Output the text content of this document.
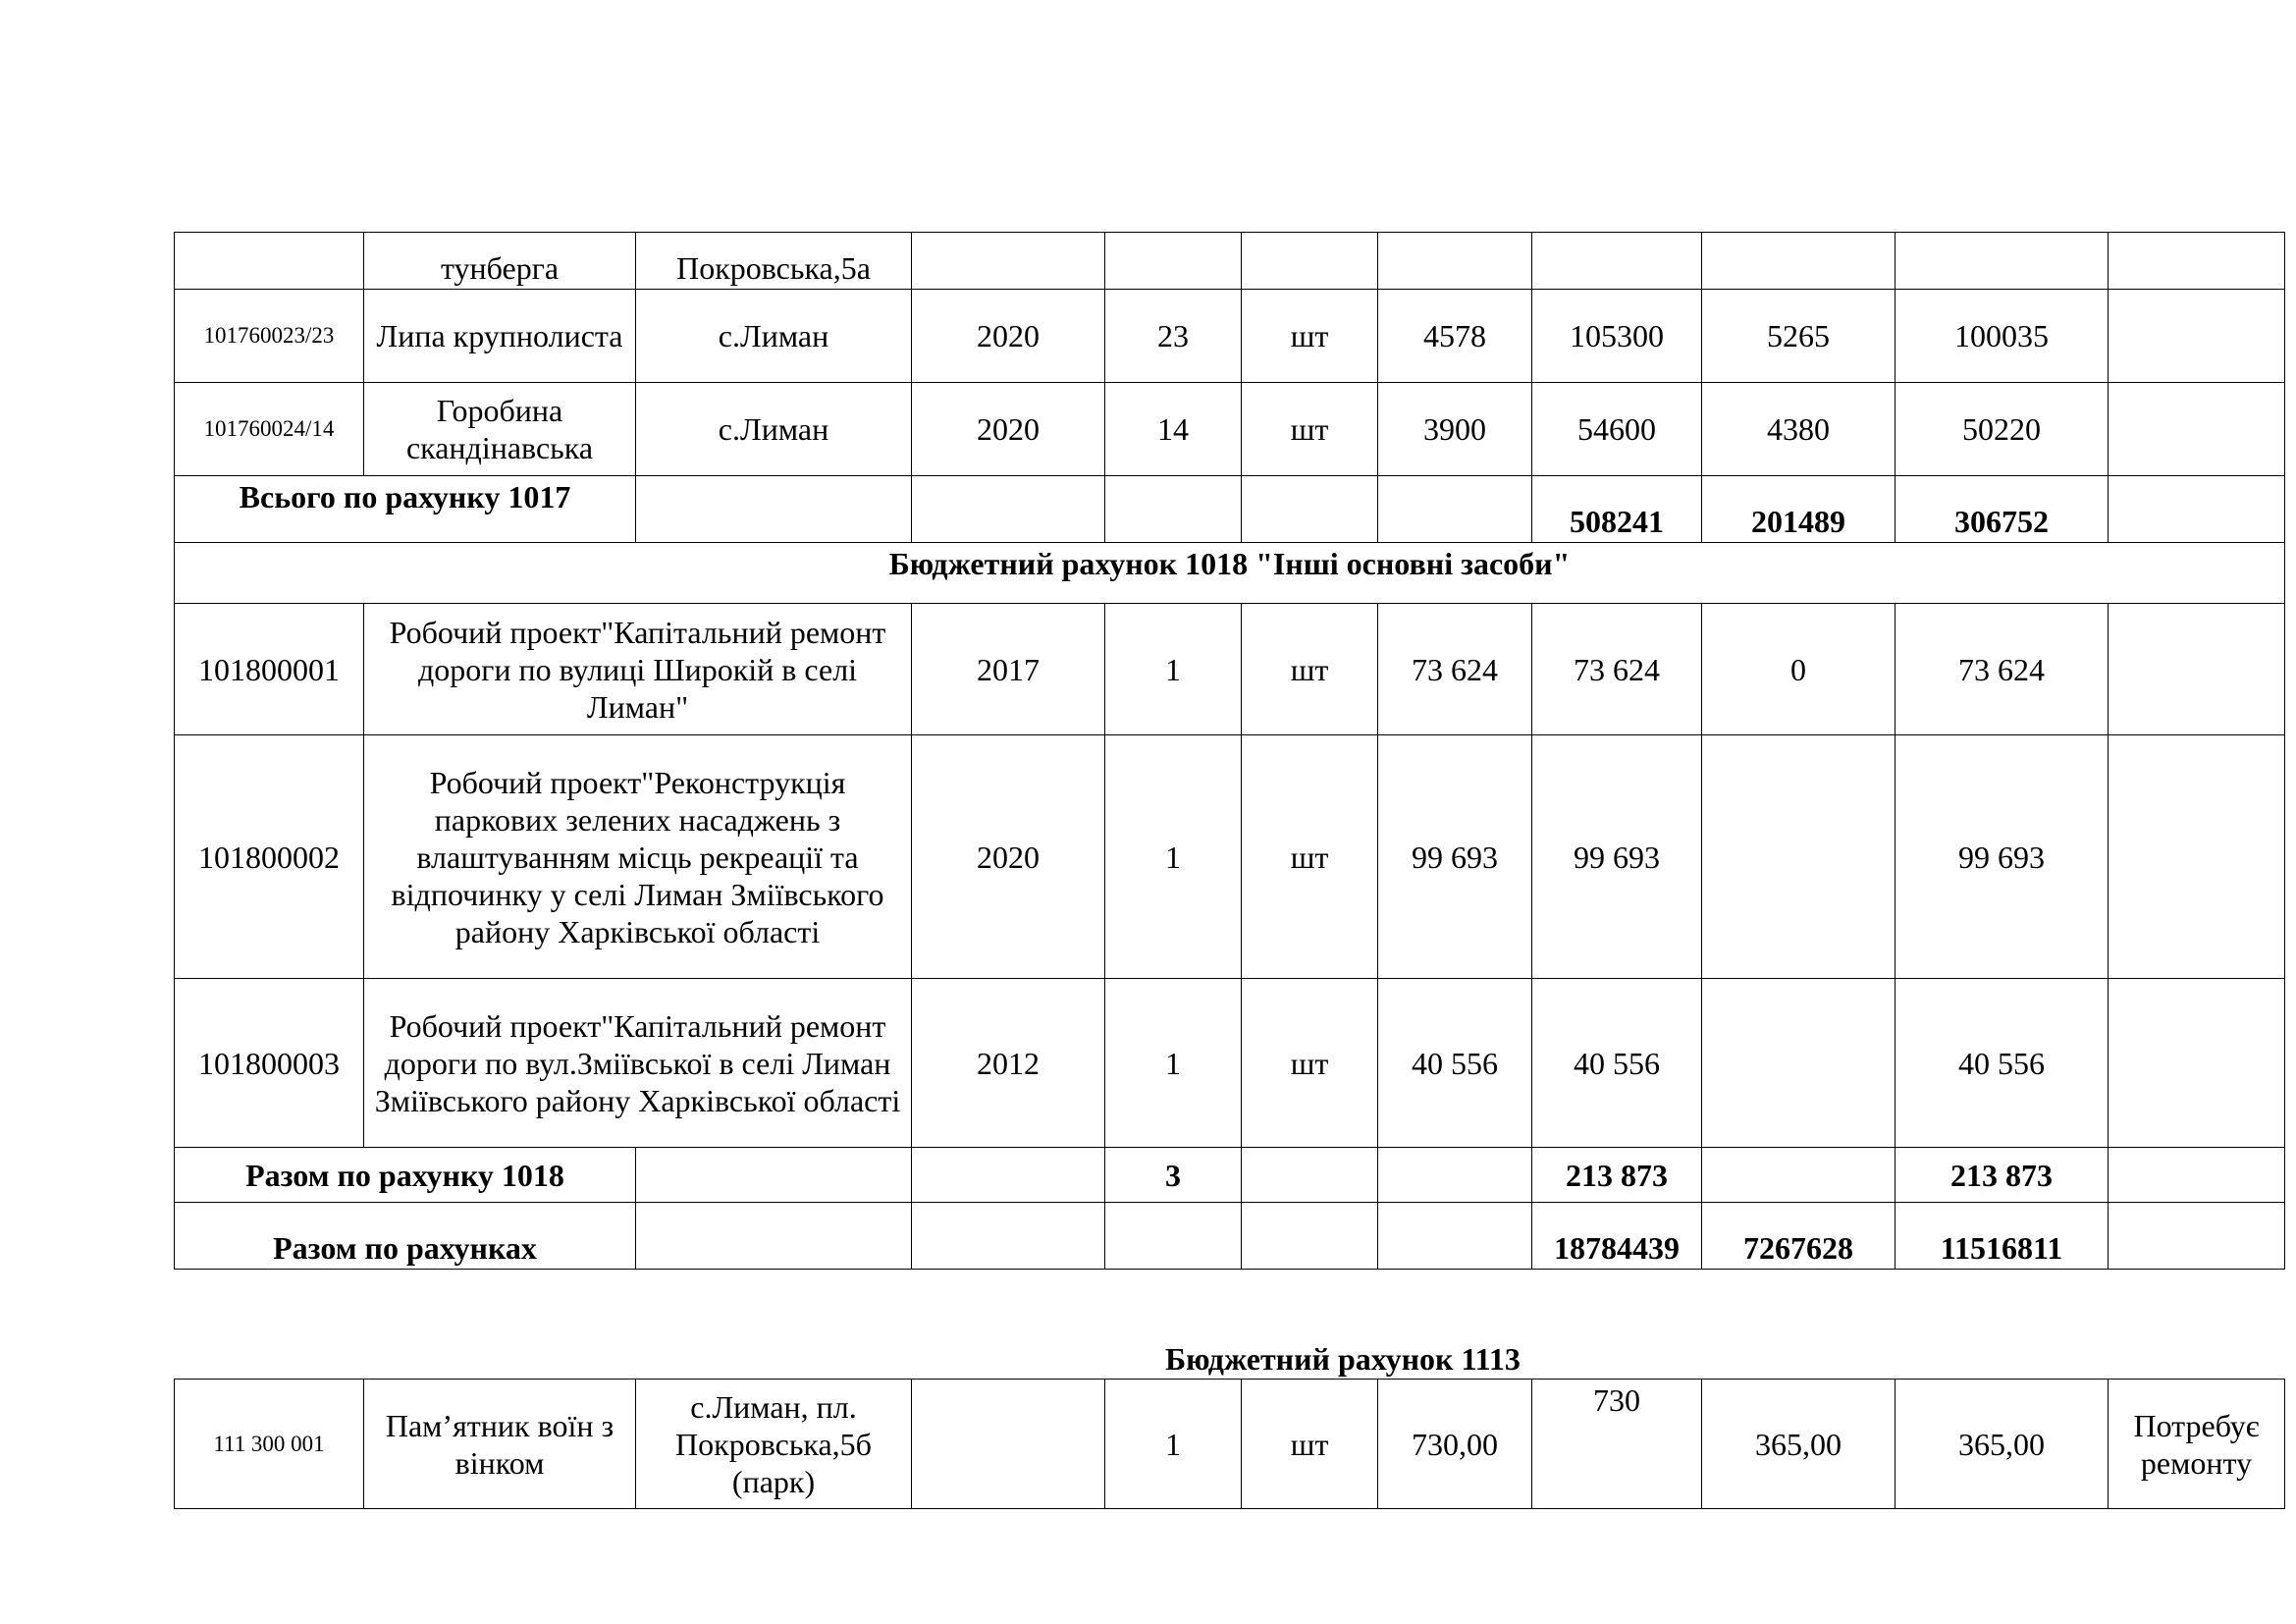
	тунберга	Покровська,5а								
101760023/23	Липа крупнолиста	с.Лиман	2020	23	шт	4578	105300	5265	100035	
101760024/14	Горобина скандінавська	с.Лиман	2020	14	шт	3900	54600	4380	50220	
Всього по рахунку 1017							508241	201489	306752	
Бюджетний рахунок 1018 "Інші основні засоби"										
101800001	Робочий проект"Капітальний ремонт дороги по вулиці Широкій в селі Лиман"		2017	1	шт	73 624	73 624	0	73 624	
101800002	Робочий проект"Реконструкція паркових зелених насаджень з влаштуванням місць рекреації та відпочинку у селі Лиман Зміївського району Харківської області		2020	1	шт	99 693	99 693		99 693	
101800003	Робочий проект"Капітальний ремонт дороги по вул.Зміївської в селі Лиман Зміївського району Харківської області		2012	1	шт	40 556	40 556		40 556	
Разом по рахунку 1018				3			213 873		213 873	
Разом по рахунках							18784439	7267628	11516811	
Бюджетний рахунок 1113
111 300 001	Пам’ятник воїн з вінком	с.Лиман, пл. Покровська,5б (парк)		1	шт	730,00	730	365,00	365,00	Потребує ремонту
